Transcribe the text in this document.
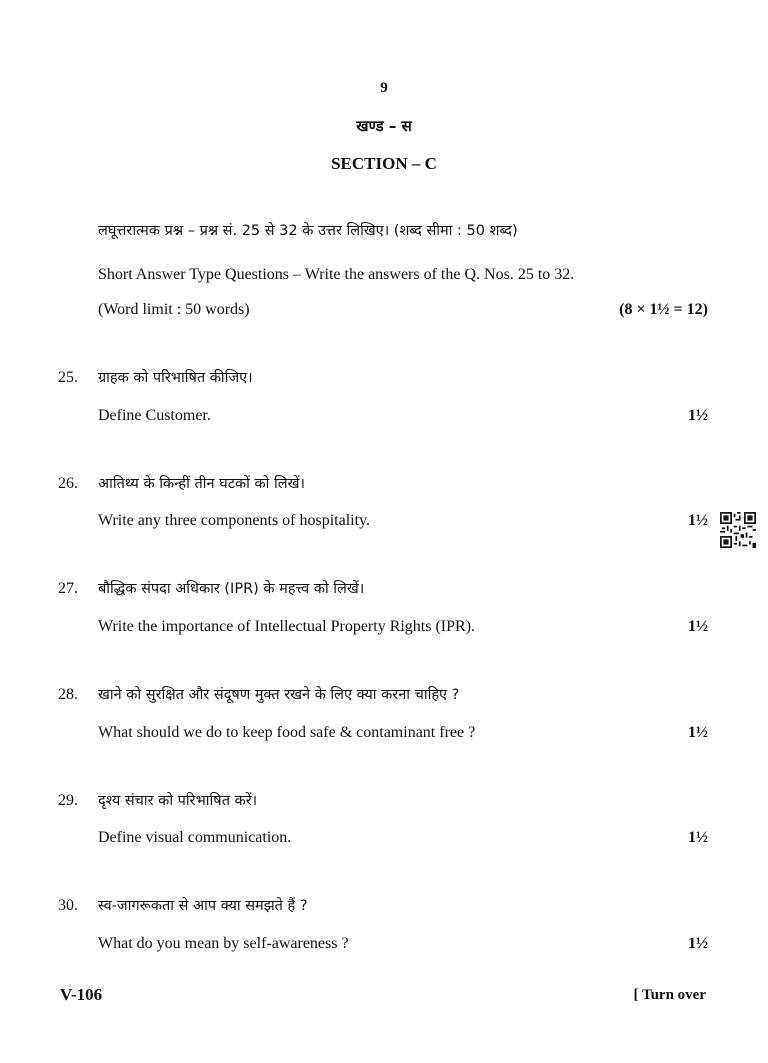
9
खण्ड – स
SECTION – C
लघूत्तरात्मक प्रश्न – प्रश्न सं. 25 से 32 के उत्तर लिखिए। (शब्द सीमा : 50 शब्द)
Short Answer Type Questions – Write the answers of the Q. Nos. 25 to 32.
(Word limit : 50 words)	(8 × 1½ = 12)
25. ग्राहक को परिभाषित कीजिए।
Define Customer.	1½
26. आतिथ्य के किन्हीं तीन घटकों को लिखें।
Write any three components of hospitality.	1½
27. बौद्धिक संपदा अधिकार (IPR) के महत्त्व को लिखें।
Write the importance of Intellectual Property Rights (IPR).	1½
28. खाने को सुरक्षित और संदूषण मुक्त रखने के लिए क्या करना चाहिए ?
What should we do to keep food safe & contaminant free ?	1½
29. दृश्य संचार को परिभाषित करें।
Define visual communication.	1½
30. स्व-जागरूकता से आप क्या समझते हैं ?
What do you mean by self-awareness ?	1½
V-106	[ Turn over
